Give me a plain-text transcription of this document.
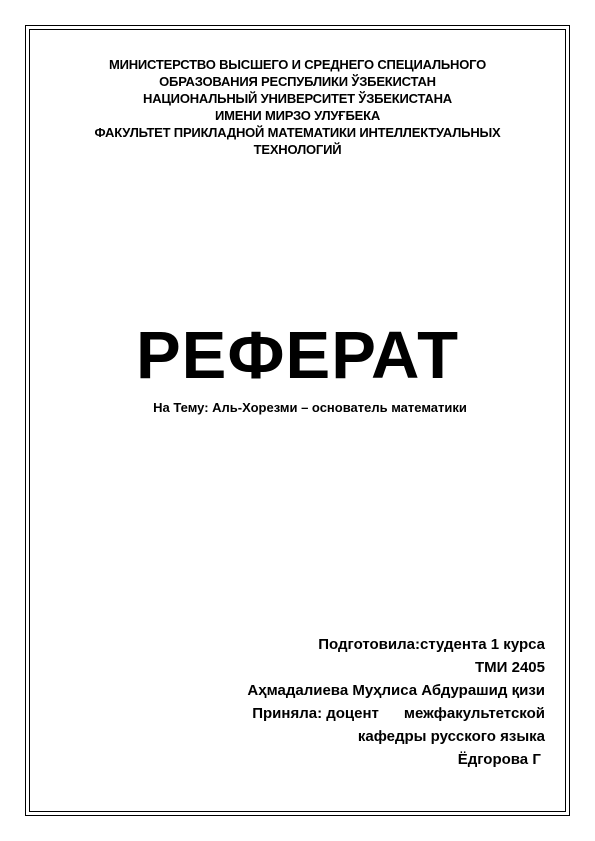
МИНИСТЕРСТВО ВЫСШЕГО И СРЕДНЕГО СПЕЦИАЛЬНОГО
ОБРАЗОВАНИЯ РЕСПУБЛИКИ ЎЗБЕКИСТАН
НАЦИОНАЛЬНЫЙ УНИВЕРСИТЕТ ЎЗБЕКИСТАНА
ИМЕНИ МИРЗО УЛУҒБЕКА
ФАКУЛЬТЕТ ПРИКЛАДНОЙ МАТЕМАТИКИ ИНТЕЛЛЕКТУАЛЬНЫХ
ТЕХНОЛОГИЙ
РЕФЕРАТ
На Тему: Аль-Хорезми – основатель математики
Подготовила:студента 1 курса
ТМИ 2405
Аҳмадалиева Муҳлиса Абдурашид қизи
Приняла: доцент      межфакультетской
кафедры русского языка
Ёдгорова Г
